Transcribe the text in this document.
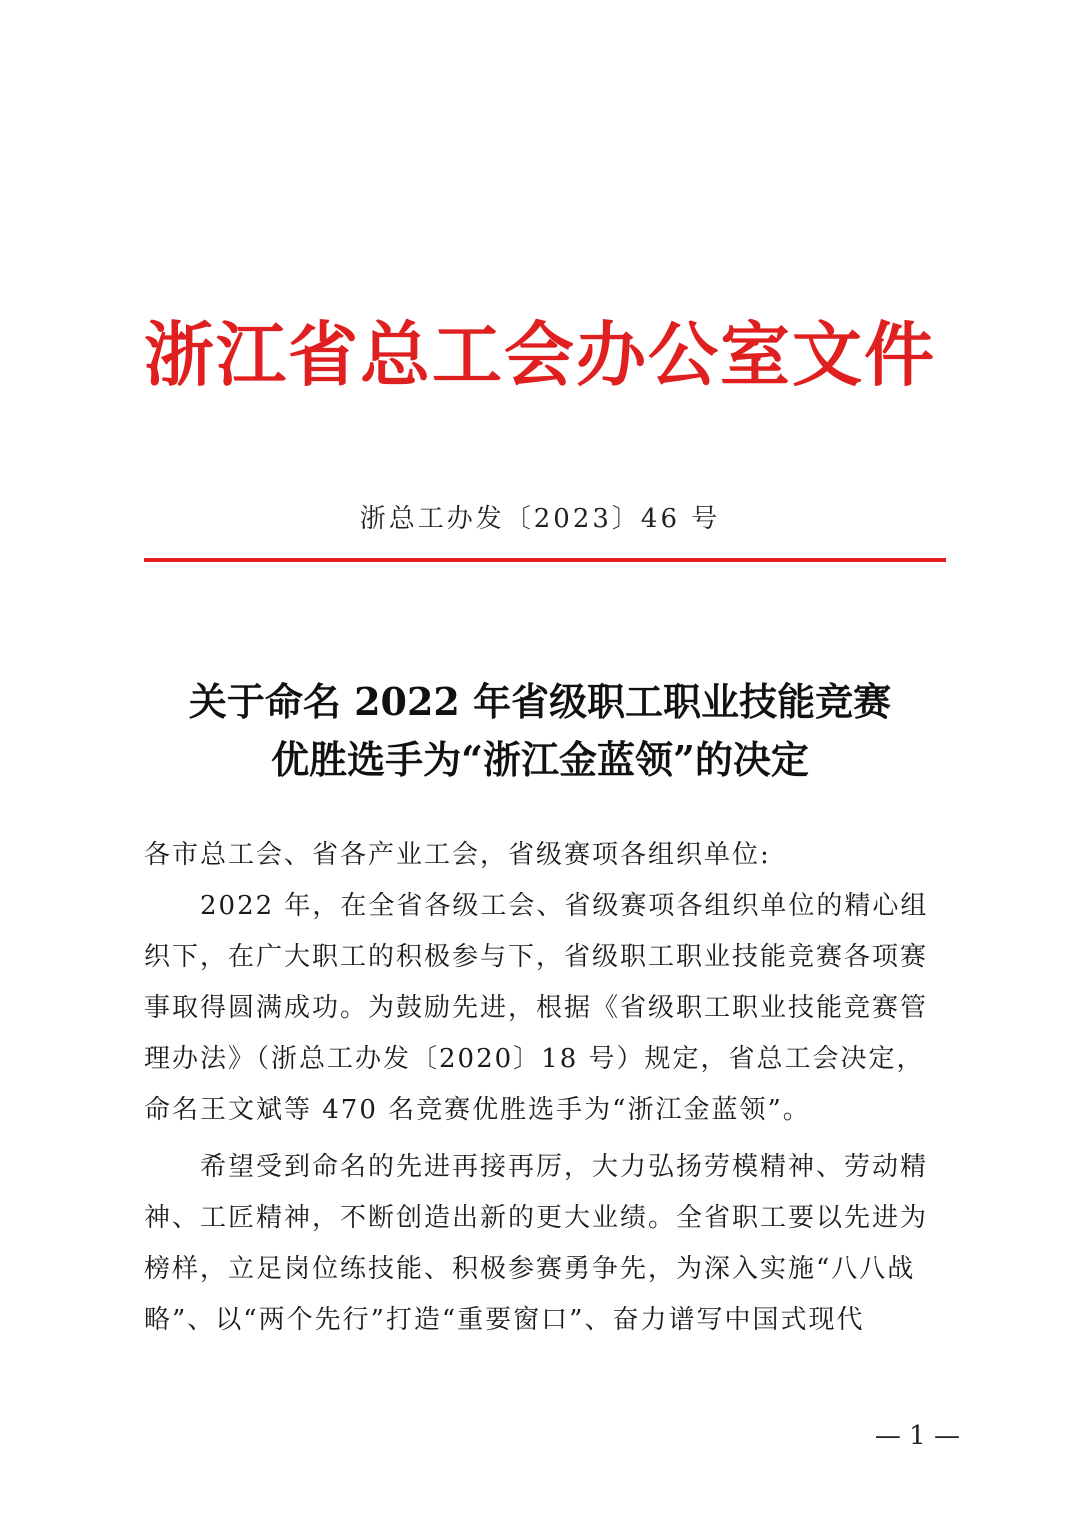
浙江省总工会办公室文件
浙总工办发〔2023〕46 号
关于命名 2022 年省级职工职业技能竞赛
优胜选手为“浙江金蓝领”的决定
各市总工会、省各产业工会，省级赛项各组织单位:
2022 年，在全省各级工会、省级赛项各组织单位的精心组
织下，在广大职工的积极参与下，省级职工职业技能竞赛各项赛
事取得圆满成功。为鼓励先进，根据《省级职工职业技能竞赛管
理办法》（浙总工办发〔2020〕18 号）规定，省总工会决定，
命名王文斌等 470 名竞赛优胜选手为“浙江金蓝领”。
希望受到命名的先进再接再厉，大力弘扬劳模精神、劳动精
神、工匠精神，不断创造出新的更大业绩。全省职工要以先进为
榜样，立足岗位练技能、积极参赛勇争先，为深入实施“八八战
略”、以“两个先行”打造“重要窗口”、奋力谱写中国式现代
— 1 —
